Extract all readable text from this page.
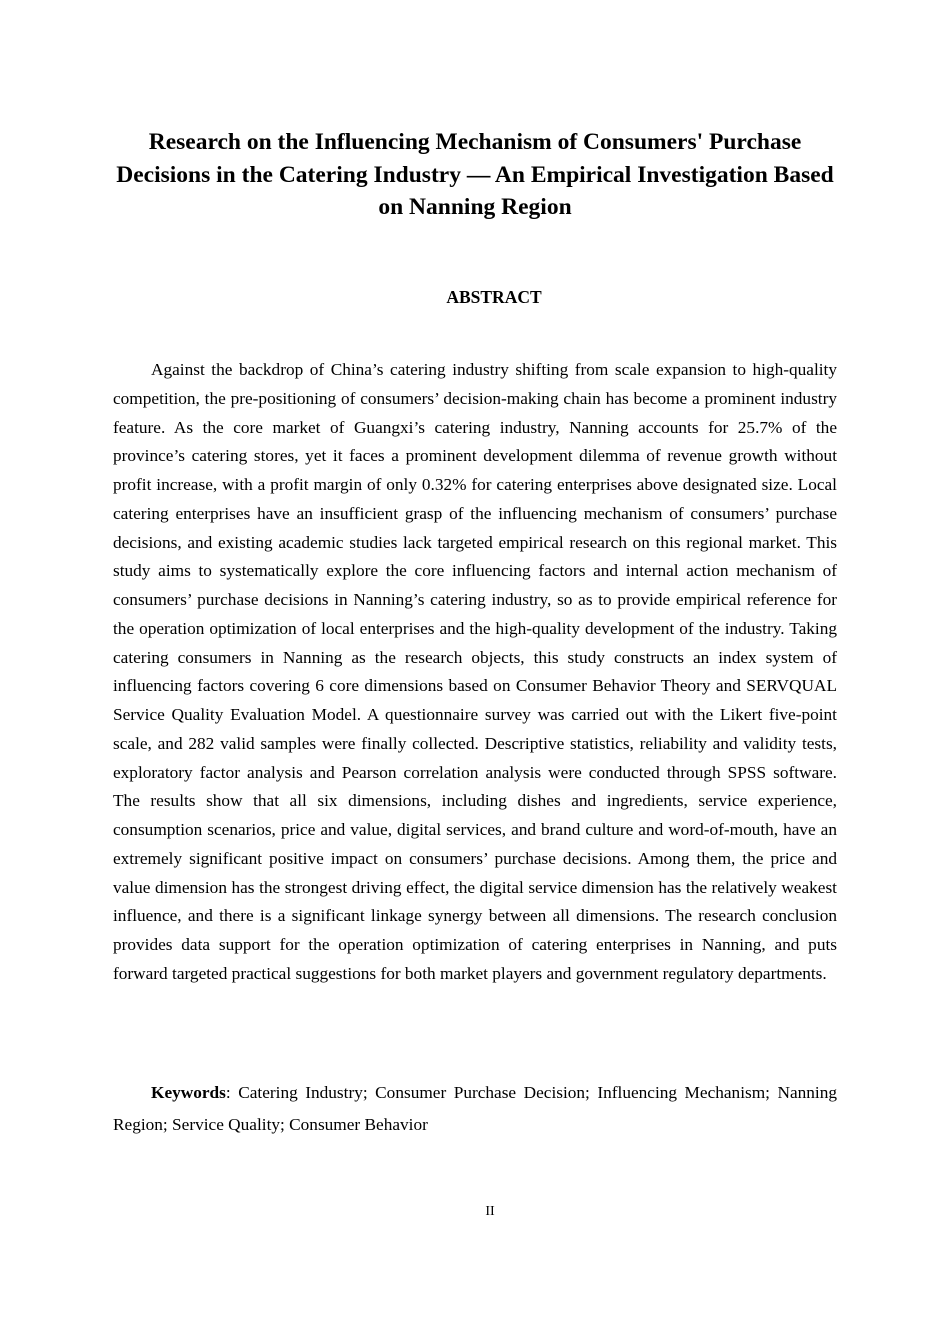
Research on the Influencing Mechanism of Consumers' Purchase Decisions in the Catering Industry — An Empirical Investigation Based on Nanning Region
ABSTRACT

Against the backdrop of China’s catering industry shifting from scale expansion to high-quality competition, the pre-positioning of consumers’ decision-making chain has become a prominent industry feature. As the core market of Guangxi’s catering industry, Nanning accounts for 25.7% of the province’s catering stores, yet it faces a prominent development dilemma of revenue growth without profit increase, with a profit margin of only 0.32% for catering enterprises above designated size. Local catering enterprises have an insufficient grasp of the influencing mechanism of consumers’ purchase decisions, and existing academic studies lack targeted empirical research on this regional market. This study aims to systematically explore the core influencing factors and internal action mechanism of consumers’ purchase decisions in Nanning’s catering industry, so as to provide empirical reference for the operation optimization of local enterprises and the high-quality development of the industry. Taking catering consumers in Nanning as the research objects, this study constructs an index system of influencing factors covering 6 core dimensions based on Consumer Behavior Theory and SERVQUAL Service Quality Evaluation Model. A questionnaire survey was carried out with the Likert five-point scale, and 282 valid samples were finally collected. Descriptive statistics, reliability and validity tests, exploratory factor analysis and Pearson correlation analysis were conducted through SPSS software. The results show that all six dimensions, including dishes and ingredients, service experience, consumption scenarios, price and value, digital services, and brand culture and word-of-mouth, have an extremely significant positive impact on consumers’ purchase decisions. Among them, the price and value dimension has the strongest driving effect, the digital service dimension has the relatively weakest influence, and there is a significant linkage synergy between all dimensions. The research conclusion provides data support for the operation optimization of catering enterprises in Nanning, and puts forward targeted practical suggestions for both market players and government regulatory departments.

Keywords: Catering Industry; Consumer Purchase Decision; Influencing Mechanism; Nanning Region; Service Quality; Consumer Behavior

II
